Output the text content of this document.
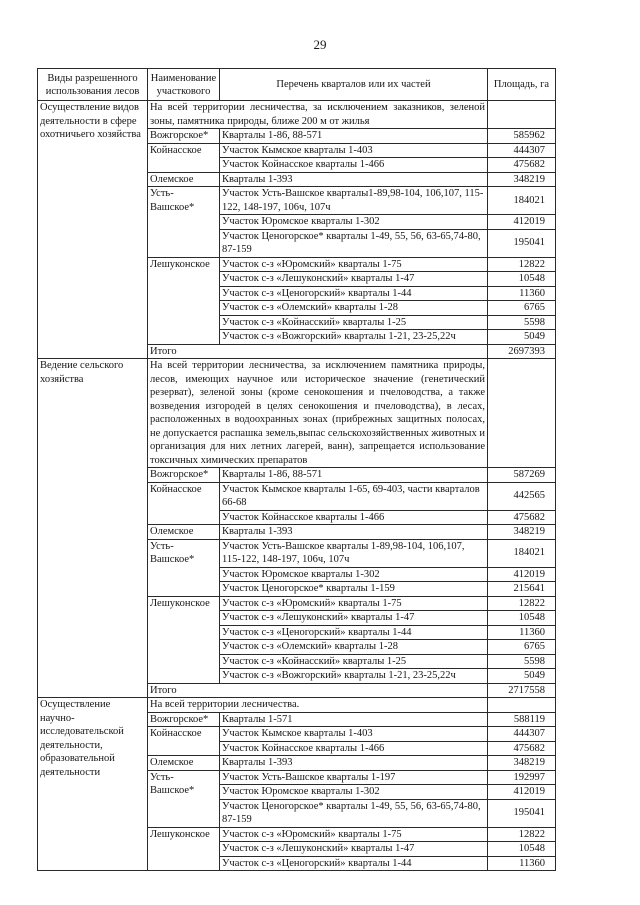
29
Виды разрешенного использования лесов	Наименование участкового	Перечень кварталов или их частей	Площадь, га
Осуществление видов деятельности в сфере охотничьего хозяйства	На всей территории лесничества, за исключением заказников, зеленой зоны, памятника природы, ближе 200 м от жилья		
	Вожгорское*	Кварталы 1-86, 88-571	585962
	Койнасское	Участок Кымское кварталы 1-403	444307
		Участок Койнасское кварталы 1-466	475682
	Олемское	Кварталы 1-393	348219
	Усть-Вашское*	Участок Усть-Вашское кварталы1-89,98-104, 106,107, 115-122, 148-197, 106ч, 107ч	184021
		Участок Юромское кварталы 1-302	412019
		Участок Ценогорское* кварталы 1-49, 55, 56, 63-65,74-80, 87-159	195041
	Лешуконское	Участок с-з «Юромский» кварталы 1-75	12822
		Участок с-з «Лешуконский» кварталы 1-47	10548
		Участок с-з «Ценогорский» кварталы 1-44	11360
		Участок с-з «Олемский» кварталы 1-28	6765
		Участок с-з «Койнасский» кварталы 1-25	5598
		Участок с-з «Вожгорский» кварталы 1-21, 23-25,22ч	5049
	Итого		2697393
Ведение сельского хозяйства	На всей территории лесничества, за исключением памятника природы, лесов, имеющих научное или историческое значение (генетический резерват), зеленой зоны (кроме сенокошения и пчеловодства, а также возведения изгородей в целях сенокошения и пчеловодства), в лесах, расположенных в водоохранных зонах (прибрежных защитных полосах, не допускается распашка земель,выпас сельскохозяйственных животных и организация для них летних лагерей, ванн), запрещается использование токсичных химических препаратов		
	Вожгорское*	Кварталы 1-86, 88-571	587269
	Койнасское	Участок Кымское кварталы 1-65, 69-403, части кварталов 66-68	442565
		Участок Койнасское кварталы 1-466	475682
	Олемское	Кварталы 1-393	348219
	Усть-Вашское*	Участок Усть-Вашское кварталы 1-89,98-104, 106,107, 115-122, 148-197, 106ч, 107ч	184021
		Участок Юромское кварталы 1-302	412019
		Участок Ценогорское* кварталы 1-159	215641
	Лешуконское	Участок с-з «Юромский» кварталы 1-75	12822
		Участок с-з «Лешуконский» кварталы 1-47	10548
		Участок с-з «Ценогорский» кварталы 1-44	11360
		Участок с-з «Олемский» кварталы 1-28	6765
		Участок с-з «Койнасский» кварталы 1-25	5598
		Участок с-з «Вожгорский» кварталы 1-21, 23-25,22ч	5049
	Итого		2717558
Осуществление научно-исследовательской деятельности, образовательной деятельности	На всей территории лесничества.		
	Вожгорское*	Кварталы 1-571	588119
	Койнасское	Участок Кымское кварталы 1-403	444307
		Участок Койнасское кварталы 1-466	475682
	Олемское	Кварталы 1-393	348219
	Усть-Вашское*	Участок Усть-Вашское кварталы 1-197	192997
		Участок Юромское кварталы 1-302	412019
		Участок Ценогорское* кварталы 1-49, 55, 56, 63-65,74-80, 87-159	195041
	Лешуконское	Участок с-з «Юромский» кварталы 1-75	12822
		Участок с-з «Лешуконский» кварталы 1-47	10548
		Участок с-з «Ценогорский» кварталы 1-44	11360
